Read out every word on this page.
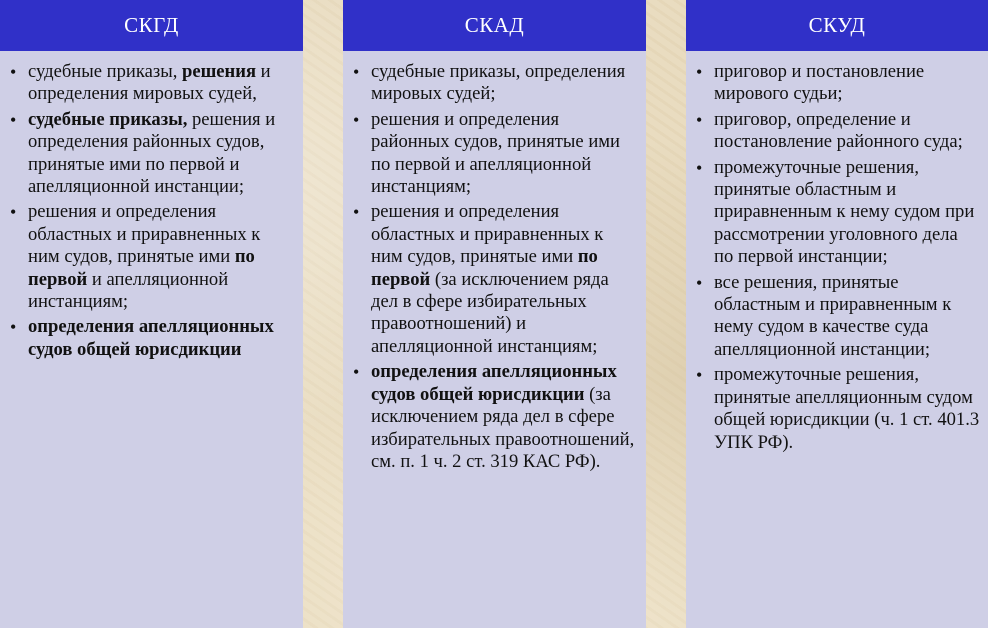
СКГД
• судебные приказы, решения и определения мировых судей,
• судебные приказы, решения и определения районных судов, принятые ими по первой и апелляционной инстанции;
• решения и определения областных и приравненных к ним судов, принятые ими по первой и апелляционной инстанциям;
• определения апелляционных судов общей юрисдикции
СКАД
• судебные приказы, определения мировых судей;
• решения и определения районных судов, принятые ими по первой и апелляционной инстанциям;
• решения и определения областных и приравненных к ним судов, принятые ими по первой (за исключением ряда дел в сфере избирательных правоотношений) и апелляционной инстанциям;
• определения апелляционных судов общей юрисдикции (за исключением ряда дел в сфере избирательных правоотношений, см. п. 1 ч. 2 ст. 319 КАС РФ).
СКУД
• приговор и постановление мирового судьи;
• приговор, определение и постановление районного суда;
• промежуточные решения, принятые областным и приравненным к нему судом при рассмотрении уголовного дела по первой инстанции;
• все решения, принятые областным и приравненным к нему судом в качестве суда апелляционной инстанции;
• промежуточные решения, принятые апелляционным судом общей юрисдикции (ч. 1 ст. 401.3 УПК РФ).
